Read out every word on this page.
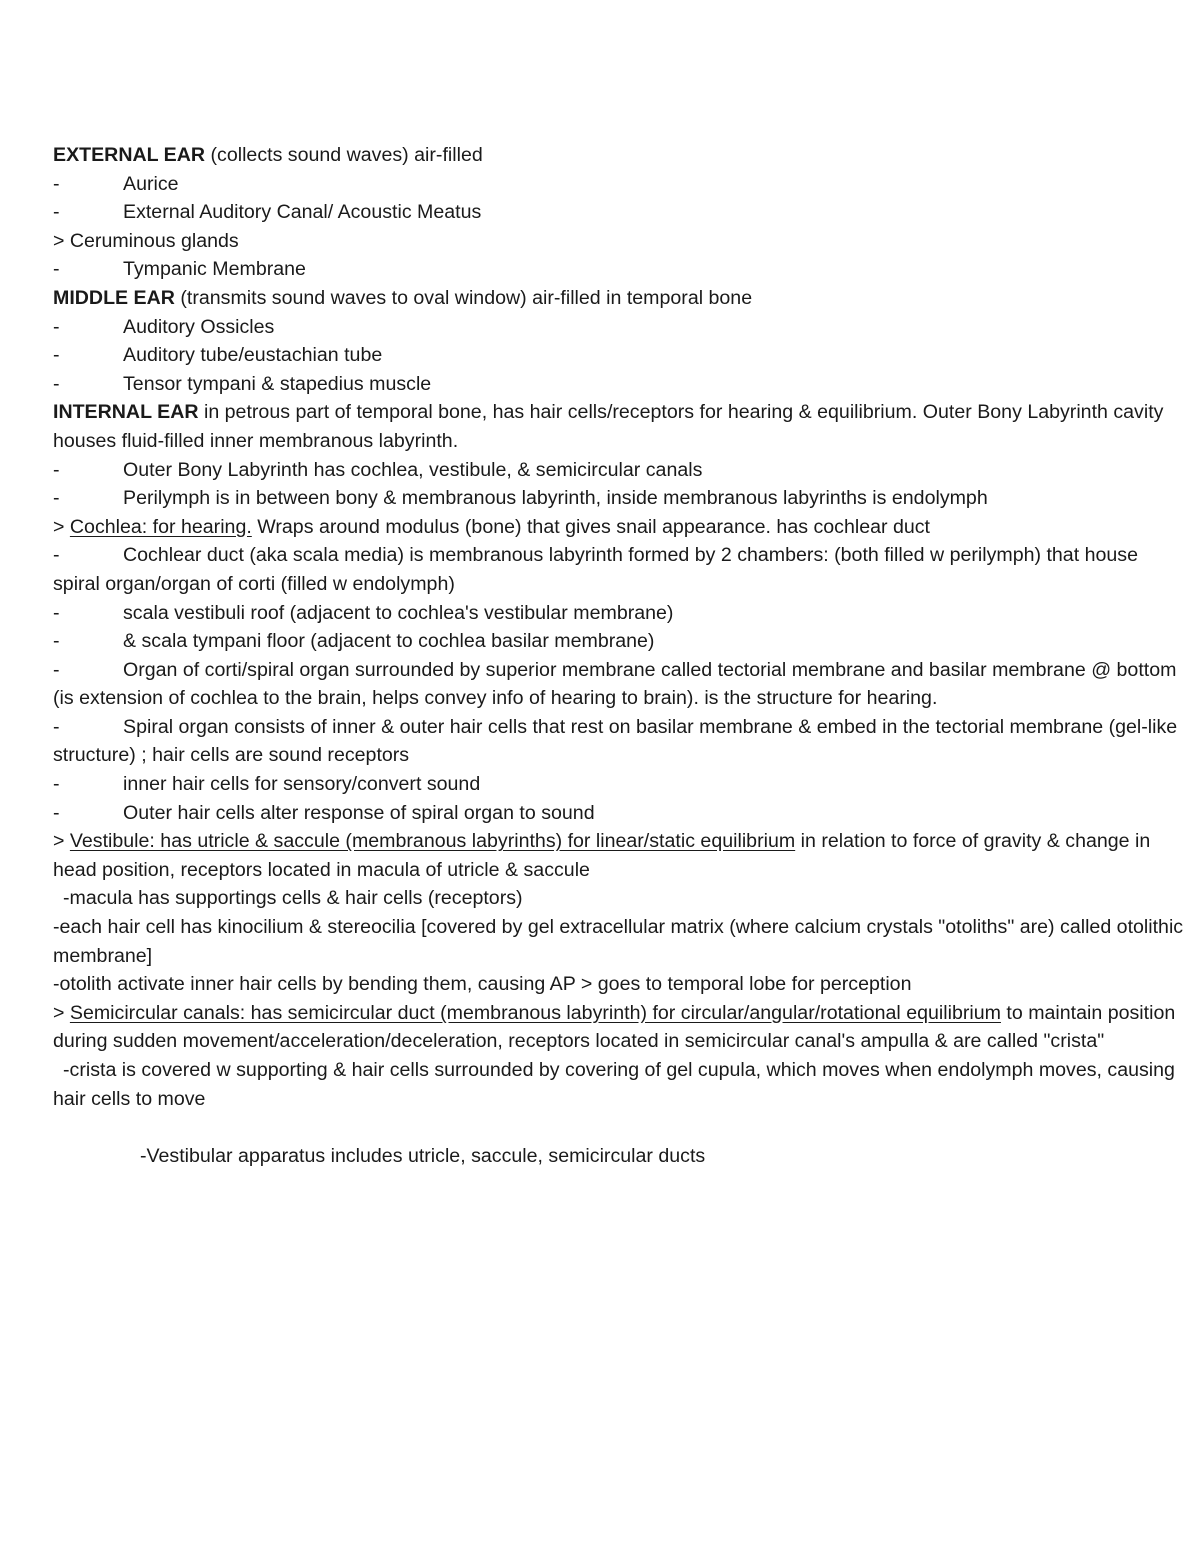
EXTERNAL EAR (collects sound waves) air-filled
-	Aurice
-	External Auditory Canal/ Acoustic Meatus
> Ceruminous glands
-	Tympanic Membrane
MIDDLE EAR (transmits sound waves to oval window) air-filled in temporal bone
-	Auditory Ossicles
-	Auditory tube/eustachian tube
-	Tensor tympani & stapedius muscle
INTERNAL EAR in petrous part of temporal bone, has hair cells/receptors for hearing & equilibrium. Outer Bony Labyrinth cavity houses fluid-filled inner membranous labyrinth.
-	Outer Bony Labyrinth has cochlea, vestibule, & semicircular canals
-	Perilymph is in between bony & membranous labyrinth, inside membranous labyrinths is endolymph
> Cochlea: for hearing. Wraps around modulus (bone) that gives snail appearance. has cochlear duct
-	Cochlear duct (aka scala media) is membranous labyrinth formed by 2 chambers: (both filled w perilymph) that house spiral organ/organ of corti (filled w endolymph)
-	scala vestibuli roof (adjacent to cochlea's vestibular membrane)
-	& scala tympani floor (adjacent to cochlea basilar membrane)
-	Organ of corti/spiral organ surrounded by superior membrane called tectorial membrane and basilar membrane @ bottom (is extension of cochlea to the brain, helps convey info of hearing to brain). is the structure for hearing.
-	Spiral organ consists of inner & outer hair cells that rest on basilar membrane & embed in the tectorial membrane (gel-like structure) ; hair cells are sound receptors
-	inner hair cells for sensory/convert sound
-	Outer hair cells alter response of spiral organ to sound
> Vestibule: has utricle & saccule (membranous labyrinths) for linear/static equilibrium in relation to force of gravity & change in head position, receptors located in macula of utricle & saccule
-macula has supportings cells & hair cells (receptors)
-each hair cell has kinocilium & stereocilia [covered by gel extracellular matrix (where calcium crystals "otoliths" are) called otolithic membrane]
-otolith activate inner hair cells by bending them, causing AP > goes to temporal lobe for perception
> Semicircular canals: has semicircular duct (membranous labyrinth) for circular/angular/rotational equilibrium to maintain position during sudden movement/acceleration/deceleration, receptors located in semicircular canal's ampulla & are called "crista"
-crista is covered w supporting & hair cells surrounded by covering of gel cupula, which moves when endolymph moves, causing hair cells to move
-Vestibular apparatus includes utricle, saccule, semicircular ducts
